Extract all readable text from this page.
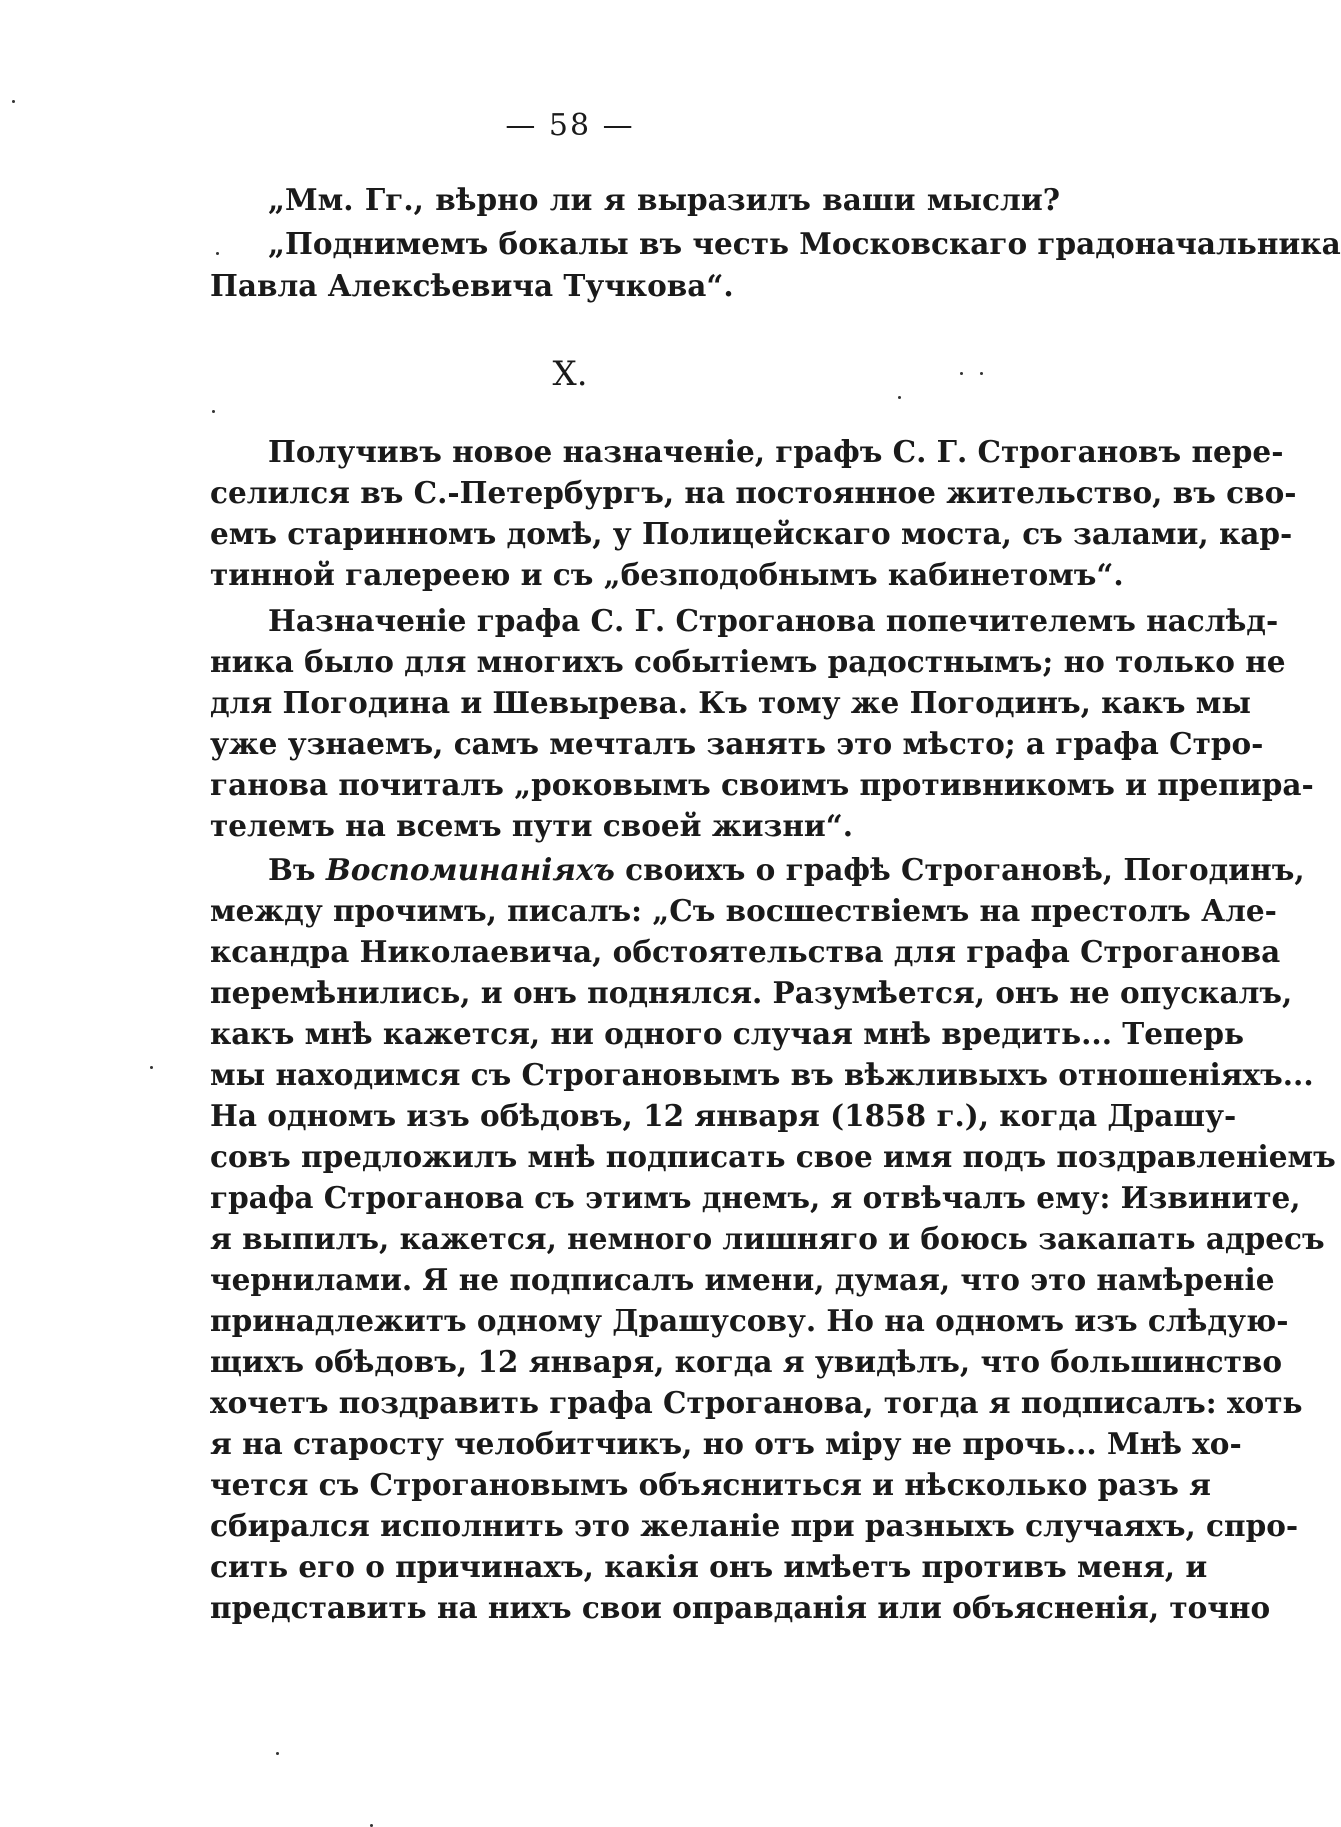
— 58 —
„Мм. Гг., вѣрно ли я выразилъ ваши мысли?
„Поднимемъ бокалы въ честь Московскаго градоначальника
Павла Алексѣевича Тучкова“.
X.
Получивъ новое назначеніе, графъ С. Г. Строгановъ пере-
селился въ С.-Петербургъ, на постоянное жительство, въ сво-
емъ старинномъ домѣ, у Полицейскаго моста, съ залами, кар-
тинной галереею и съ „безподобнымъ кабинетомъ“.
Назначеніе графа С. Г. Строганова попечителемъ наслѣд-
ника было для многихъ событіемъ радостнымъ; но только не
для Погодина и Шевырева. Къ тому же Погодинъ, какъ мы
уже узнаемъ, самъ мечталъ занять это мѣсто; а графа Стро-
ганова почиталъ „роковымъ своимъ противникомъ и препира-
телемъ на всемъ пути своей жизни“.
Въ Воспоминаніяхъ своихъ о графѣ Строгановѣ, Погодинъ,
между прочимъ, писалъ: „Съ восшествіемъ на престолъ Але-
ксандра Николаевича, обстоятельства для графа Строганова
перемѣнились, и онъ поднялся. Разумѣется, онъ не опускалъ,
какъ мнѣ кажется, ни одного случая мнѣ вредить... Теперь
мы находимся съ Строгановымъ въ вѣжливыхъ отношеніяхъ...
На одномъ изъ обѣдовъ, 12 января (1858 г.), когда Драшу-
совъ предложилъ мнѣ подписать свое имя подъ поздравленіемъ
графа Строганова съ этимъ днемъ, я отвѣчалъ ему: Извините,
я выпилъ, кажется, немного лишняго и боюсь закапать адресъ
чернилами. Я не подписалъ имени, думая, что это намѣреніе
принадлежитъ одному Драшусову. Но на одномъ изъ слѣдую-
щихъ обѣдовъ, 12 января, когда я увидѣлъ, что большинство
хочетъ поздравить графа Строганова, тогда я подписалъ: хоть
я на старосту челобитчикъ, но отъ міру не прочь... Мнѣ хо-
чется съ Строгановымъ объясниться и нѣсколько разъ я
сбирался исполнить это желаніе при разныхъ случаяхъ, спро-
сить его о причинахъ, какія онъ имѣетъ противъ меня, и
представить на нихъ свои оправданія или объясненія, точно
